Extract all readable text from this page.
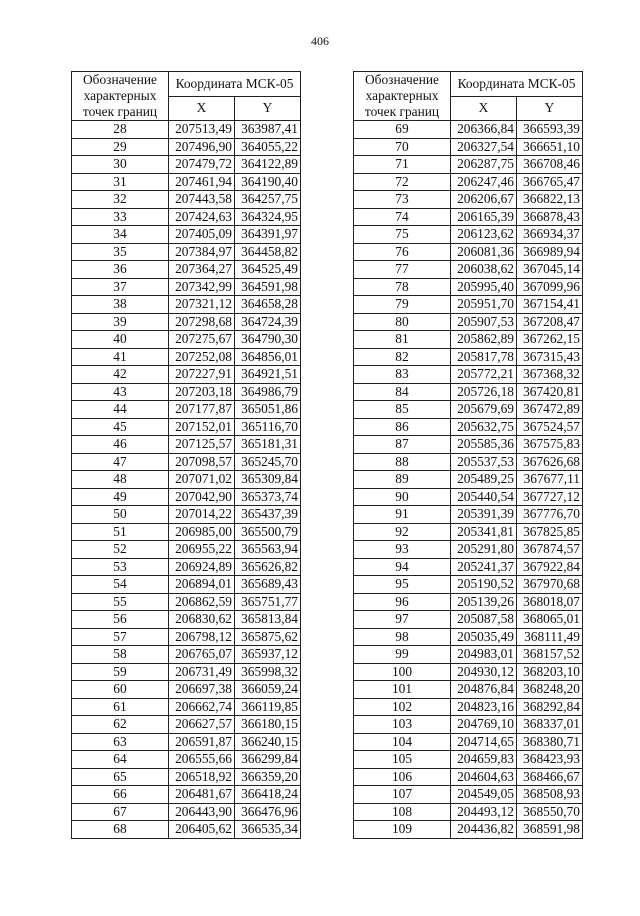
406
Обозначение характерных точек границ	Координата МСК-05	
	X	Y
28	207513,49	363987,41
29	207496,90	364055,22
30	207479,72	364122,89
31	207461,94	364190,40
32	207443,58	364257,75
33	207424,63	364324,95
34	207405,09	364391,97
35	207384,97	364458,82
36	207364,27	364525,49
37	207342,99	364591,98
38	207321,12	364658,28
39	207298,68	364724,39
40	207275,67	364790,30
41	207252,08	364856,01
42	207227,91	364921,51
43	207203,18	364986,79
44	207177,87	365051,86
45	207152,01	365116,70
46	207125,57	365181,31
47	207098,57	365245,70
48	207071,02	365309,84
49	207042,90	365373,74
50	207014,22	365437,39
51	206985,00	365500,79
52	206955,22	365563,94
53	206924,89	365626,82
54	206894,01	365689,43
55	206862,59	365751,77
56	206830,62	365813,84
57	206798,12	365875,62
58	206765,07	365937,12
59	206731,49	365998,32
60	206697,38	366059,24
61	206662,74	366119,85
62	206627,57	366180,15
63	206591,87	366240,15
64	206555,66	366299,84
65	206518,92	366359,20
66	206481,67	366418,24
67	206443,90	366476,96
68	206405,62	366535,34
Обозначение характерных точек границ	Координата МСК-05	
	X	Y
69	206366,84	366593,39
70	206327,54	366651,10
71	206287,75	366708,46
72	206247,46	366765,47
73	206206,67	366822,13
74	206165,39	366878,43
75	206123,62	366934,37
76	206081,36	366989,94
77	206038,62	367045,14
78	205995,40	367099,96
79	205951,70	367154,41
80	205907,53	367208,47
81	205862,89	367262,15
82	205817,78	367315,43
83	205772,21	367368,32
84	205726,18	367420,81
85	205679,69	367472,89
86	205632,75	367524,57
87	205585,36	367575,83
88	205537,53	367626,68
89	205489,25	367677,11
90	205440,54	367727,12
91	205391,39	367776,70
92	205341,81	367825,85
93	205291,80	367874,57
94	205241,37	367922,84
95	205190,52	367970,68
96	205139,26	368018,07
97	205087,58	368065,01
98	205035,49	368111,49
99	204983,01	368157,52
100	204930,12	368203,10
101	204876,84	368248,20
102	204823,16	368292,84
103	204769,10	368337,01
104	204714,65	368380,71
105	204659,83	368423,93
106	204604,63	368466,67
107	204549,05	368508,93
108	204493,12	368550,70
109	204436,82	368591,98
